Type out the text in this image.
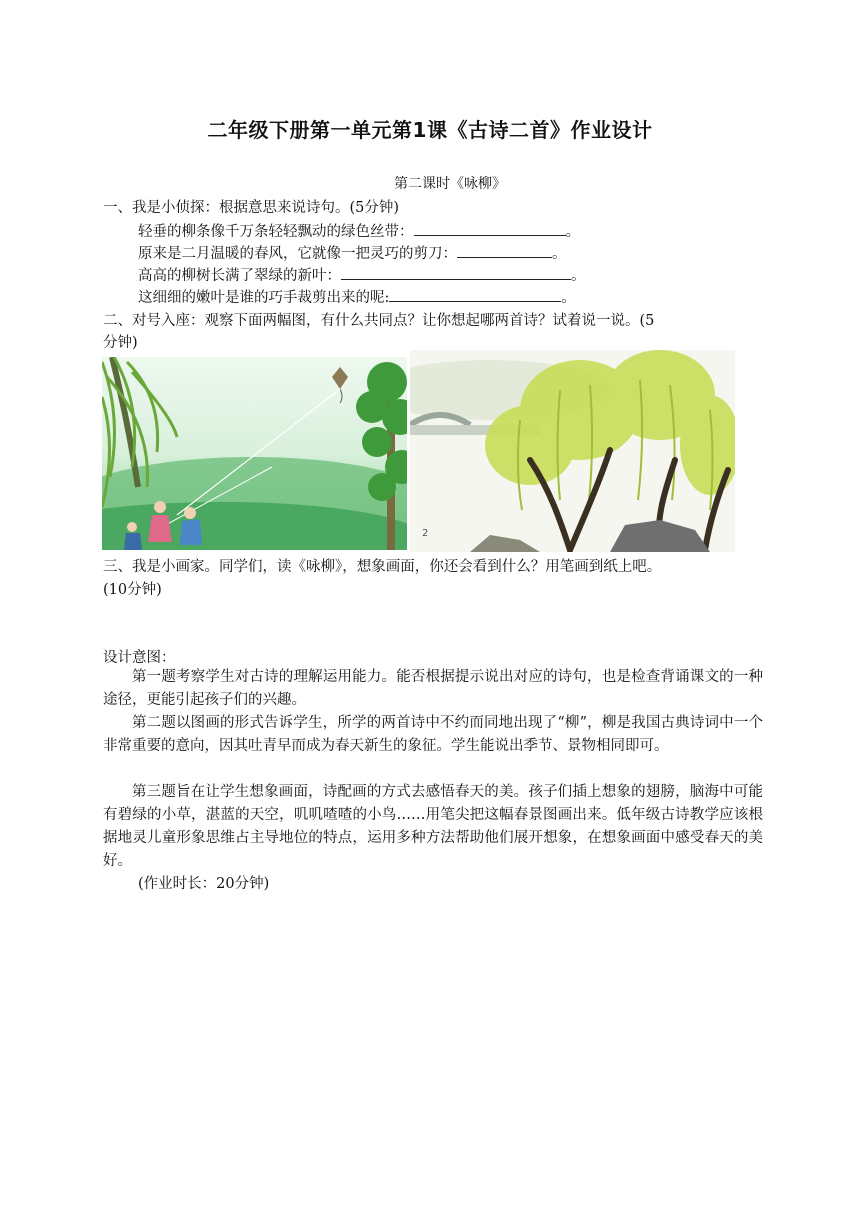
二年级下册第一单元第1课《古诗二首》作业设计
第二课时《咏柳》
一、我是小侦探：根据意思来说诗句。(5分钟)
轻垂的柳条像千万条轻轻飘动的绿色丝带：	。
原来是二月温暖的春风，它就像一把灵巧的剪刀：	。
高高的柳树长满了翠绿的新叶：	。
这细细的嫩叶是谁的巧手裁剪出来的呢:	。
二、对号入座：观察下面两幅图，有什么共同点？让你想起哪两首诗？试着说一说。(5
分钟)
2
三、我是小画家。同学们，读《咏柳》，想象画面，你还会看到什么？用笔画到纸上吧。
(10分钟)
设计意图：
第一题考察学生对古诗的理解运用能力。能否根据提示说出对应的诗句，也是检查背诵课文的一种途径，更能引起孩子们的兴趣。
第二题以图画的形式告诉学生，所学的两首诗中不约而同地出现了“柳”，柳是我国古典诗词中一个非常重要的意向，因其吐青早而成为春天新生的象征。学生能说出季节、景物相同即可。
第三题旨在让学生想象画面，诗配画的方式去感悟春天的美。孩子们插上想象的翅膀，脑海中可能有碧绿的小草，湛蓝的天空，叽叽喳喳的小鸟……用笔尖把这幅春景图画出来。低年级古诗教学应该根据地灵儿童形象思维占主导地位的特点，运用多种方法帮助他们展开想象，在想象画面中感受春天的美好。
(作业时长：20分钟)
